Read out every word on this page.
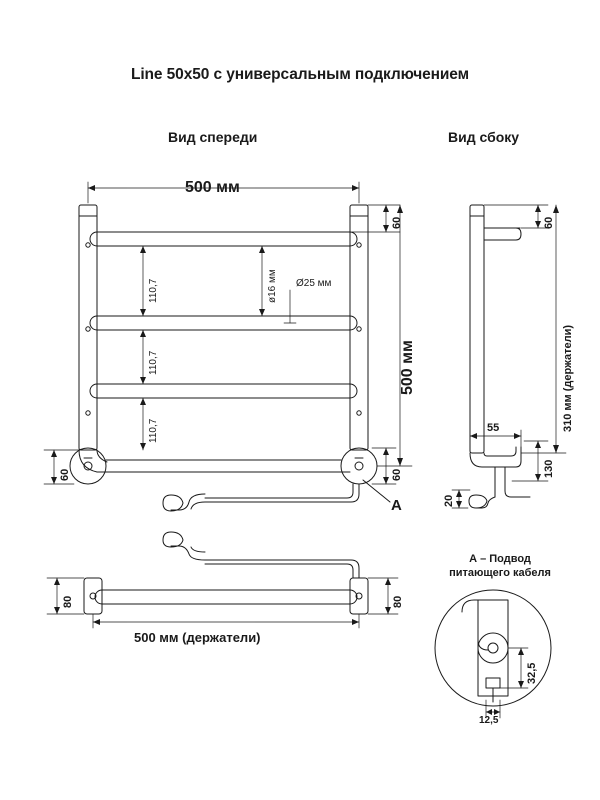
Line 50x50 с универсальным подключением
Вид спереди	Вид сбоку
А – Подвод
питающего кабеля
500 мм
500 мм
60
60
60
110,7
110,7
110,7
ø16 мм Ø25 мм
A
60
310 мм (держатели)
55
130
20
80	80
500 мм (держатели)
32,5
12,5
